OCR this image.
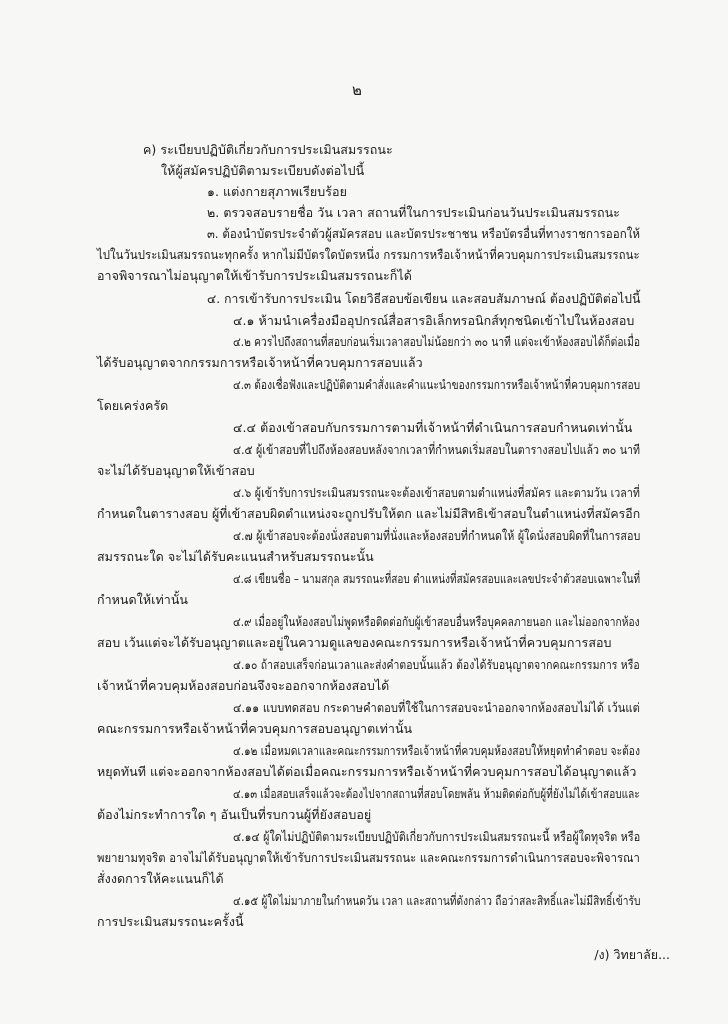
๒
ค) ระเบียบปฏิบัติเกี่ยวกับการประเมินสมรรถนะ
ให้ผู้สมัครปฏิบัติตามระเบียบดังต่อไปนี้
๑. แต่งกายสุภาพเรียบร้อย
๒. ตรวจสอบรายชื่อ วัน เวลา สถานที่ในการประเมินก่อนวันประเมินสมรรถนะ
๓. ต้องนำบัตรประจำตัวผู้สมัครสอบ และบัตรประชาชน หรือบัตรอื่นที่ทางราชการออกให้
ไปในวันประเมินสมรรถนะทุกครั้ง หากไม่มีบัตรใดบัตรหนึ่ง กรรมการหรือเจ้าหน้าที่ควบคุมการประเมินสมรรถนะ
อาจพิจารณาไม่อนุญาตให้เข้ารับการประเมินสมรรถนะก็ได้
๔. การเข้ารับการประเมิน โดยวิธีสอบข้อเขียน และสอบสัมภาษณ์ ต้องปฏิบัติต่อไปนี้
๔.๑ ห้ามนำเครื่องมืออุปกรณ์สื่อสารอิเล็กทรอนิกส์ทุกชนิดเข้าไปในห้องสอบ
๔.๒ ควรไปถึงสถานที่สอบก่อนเริ่มเวลาสอบไม่น้อยกว่า ๓๐ นาที แต่จะเข้าห้องสอบได้ก็ต่อเมื่อ
ได้รับอนุญาตจากกรรมการหรือเจ้าหน้าที่ควบคุมการสอบแล้ว
๔.๓ ต้องเชื่อฟังและปฏิบัติตามคำสั่งและคำแนะนำของกรรมการหรือเจ้าหน้าที่ควบคุมการสอบ
โดยเคร่งครัด
๔.๔ ต้องเข้าสอบกับกรรมการตามที่เจ้าหน้าที่ดำเนินการสอบกำหนดเท่านั้น
๔.๕ ผู้เข้าสอบที่ไปถึงห้องสอบหลังจากเวลาที่กำหนดเริ่มสอบในตารางสอบไปแล้ว ๓๐ นาที
จะไม่ได้รับอนุญาตให้เข้าสอบ
๔.๖ ผู้เข้ารับการประเมินสมรรถนะจะต้องเข้าสอบตามตำแหน่งที่สมัคร และตามวัน เวลาที่
กำหนดในตารางสอบ ผู้ที่เข้าสอบผิดตำแหน่งจะถูกปรับให้ตก และไม่มีสิทธิเข้าสอบในตำแหน่งที่สมัครอีก
๔.๗ ผู้เข้าสอบจะต้องนั่งสอบตามที่นั่งและห้องสอบที่กำหนดให้ ผู้ใดนั่งสอบผิดที่ในการสอบ
สมรรถนะใด จะไม่ได้รับคะแนนสำหรับสมรรถนะนั้น
๔.๘ เขียนชื่อ – นามสกุล สมรรถนะที่สอบ ตำแหน่งที่สมัครสอบและเลขประจำตัวสอบเฉพาะในที่
กำหนดให้เท่านั้น
๔.๙ เมื่ออยู่ในห้องสอบไม่พูดหรือติดต่อกับผู้เข้าสอบอื่นหรือบุคคลภายนอก และไม่ออกจากห้อง
สอบ เว้นแต่จะได้รับอนุญาตและอยู่ในความดูแลของคณะกรรมการหรือเจ้าหน้าที่ควบคุมการสอบ
๔.๑๐ ถ้าสอบเสร็จก่อนเวลาและส่งคำตอบนั้นแล้ว ต้องได้รับอนุญาตจากคณะกรรมการ หรือ
เจ้าหน้าที่ควบคุมห้องสอบก่อนจึงจะออกจากห้องสอบได้
๔.๑๑ แบบทดสอบ กระดาษคำตอบที่ใช้ในการสอบจะนำออกจากห้องสอบไม่ได้ เว้นแต่
คณะกรรมการหรือเจ้าหน้าที่ควบคุมการสอบอนุญาตเท่านั้น
๔.๑๒ เมื่อหมดเวลาและคณะกรรมการหรือเจ้าหน้าที่ควบคุมห้องสอบให้หยุดทำคำตอบ จะต้อง
หยุดทันที แต่จะออกจากห้องสอบได้ต่อเมื่อคณะกรรมการหรือเจ้าหน้าที่ควบคุมการสอบได้อนุญาตแล้ว
๔.๑๓ เมื่อสอบเสร็จแล้วจะต้องไปจากสถานที่สอบโดยพลัน ห้ามติดต่อกับผู้ที่ยังไม่ได้เข้าสอบและ
ต้องไม่กระทำการใด ๆ อันเป็นที่รบกวนผู้ที่ยังสอบอยู่
๔.๑๔ ผู้ใดไม่ปฏิบัติตามระเบียบปฏิบัติเกี่ยวกับการประเมินสมรรถนะนี้ หรือผู้ใดทุจริต หรือ
พยายามทุจริต อาจไม่ได้รับอนุญาตให้เข้ารับการประเมินสมรรถนะ และคณะกรรมการดำเนินการสอบจะพิจารณา
สั่งงดการให้คะแนนก็ได้
๔.๑๕ ผู้ใดไม่มาภายในกำหนดวัน เวลา และสถานที่ดังกล่าว ถือว่าสละสิทธิ์และไม่มีสิทธิ์เข้ารับ
การประเมินสมรรถนะครั้งนี้
/ง) วิทยาลัย...
